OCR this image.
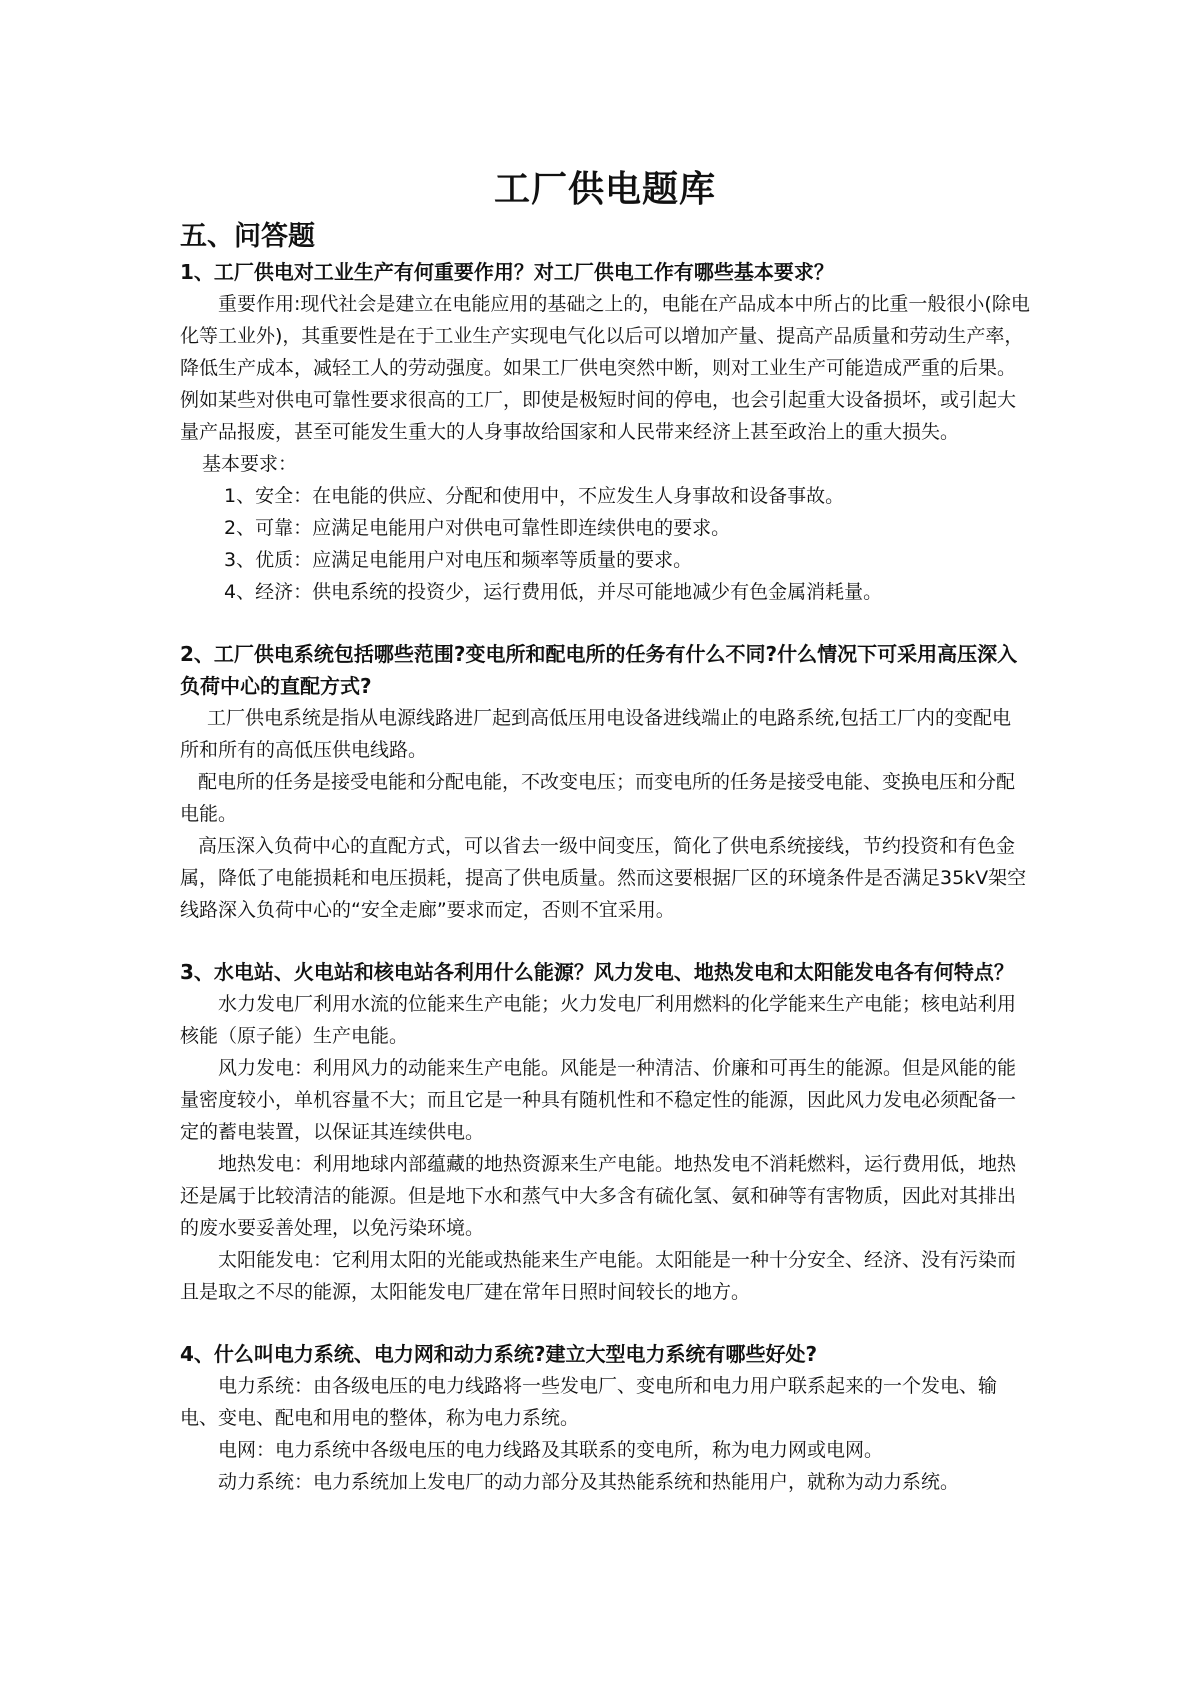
工厂供电题库
五、问答题

1、工厂供电对工业生产有何重要作用？对工厂供电工作有哪些基本要求？

重要作用:现代社会是建立在电能应用的基础之上的，电能在产品成本中所占的比重一般很小(除电化等工业外)，其重要性是在于工业生产实现电气化以后可以增加产量、提高产品质量和劳动生产率，降低生产成本，减轻工人的劳动强度。如果工厂供电突然中断，则对工业生产可能造成严重的后果。例如某些对供电可靠性要求很高的工厂，即使是极短时间的停电，也会引起重大设备损坏，或引起大量产品报废，甚至可能发生重大的人身事故给国家和人民带来经济上甚至政治上的重大损失。

基本要求：

1、安全：在电能的供应、分配和使用中，不应发生人身事故和设备事故。

2、可靠：应满足电能用户对供电可靠性即连续供电的要求。

3、优质：应满足电能用户对电压和频率等质量的要求。

4、经济：供电系统的投资少，运行费用低，并尽可能地减少有色金属消耗量。

2、工厂供电系统包括哪些范围?变电所和配电所的任务有什么不同?什么情况下可采用高压深入负荷中心的直配方式?

工厂供电系统是指从电源线路进厂起到高低压用电设备进线端止的电路系统,包括工厂内的变配电所和所有的高低压供电线路。

配电所的任务是接受电能和分配电能，不改变电压；而变电所的任务是接受电能、变换电压和分配电能。

高压深入负荷中心的直配方式，可以省去一级中间变压，简化了供电系统接线，节约投资和有色金属，降低了电能损耗和电压损耗，提高了供电质量。然而这要根据厂区的环境条件是否满足35kV架空线路深入负荷中心的“安全走廊”要求而定，否则不宜采用。

3、水电站、火电站和核电站各利用什么能源？风力发电、地热发电和太阳能发电各有何特点？

水力发电厂利用水流的位能来生产电能；火力发电厂利用燃料的化学能来生产电能；核电站利用核能（原子能）生产电能。

风力发电：利用风力的动能来生产电能。风能是一种清洁、价廉和可再生的能源。但是风能的能量密度较小，单机容量不大；而且它是一种具有随机性和不稳定性的能源，因此风力发电必须配备一定的蓄电装置，以保证其连续供电。

地热发电：利用地球内部蕴藏的地热资源来生产电能。地热发电不消耗燃料，运行费用低，地热还是属于比较清洁的能源。但是地下水和蒸气中大多含有硫化氢、氨和砷等有害物质，因此对其排出的废水要妥善处理，以免污染环境。

太阳能发电：它利用太阳的光能或热能来生产电能。太阳能是一种十分安全、经济、没有污染而且是取之不尽的能源，太阳能发电厂建在常年日照时间较长的地方。

4、什么叫电力系统、电力网和动力系统?建立大型电力系统有哪些好处?

电力系统：由各级电压的电力线路将一些发电厂、变电所和电力用户联系起来的一个发电、输电、变电、配电和用电的整体，称为电力系统。

电网：电力系统中各级电压的电力线路及其联系的变电所，称为电力网或电网。

动力系统：电力系统加上发电厂的动力部分及其热能系统和热能用户，就称为动力系统。
